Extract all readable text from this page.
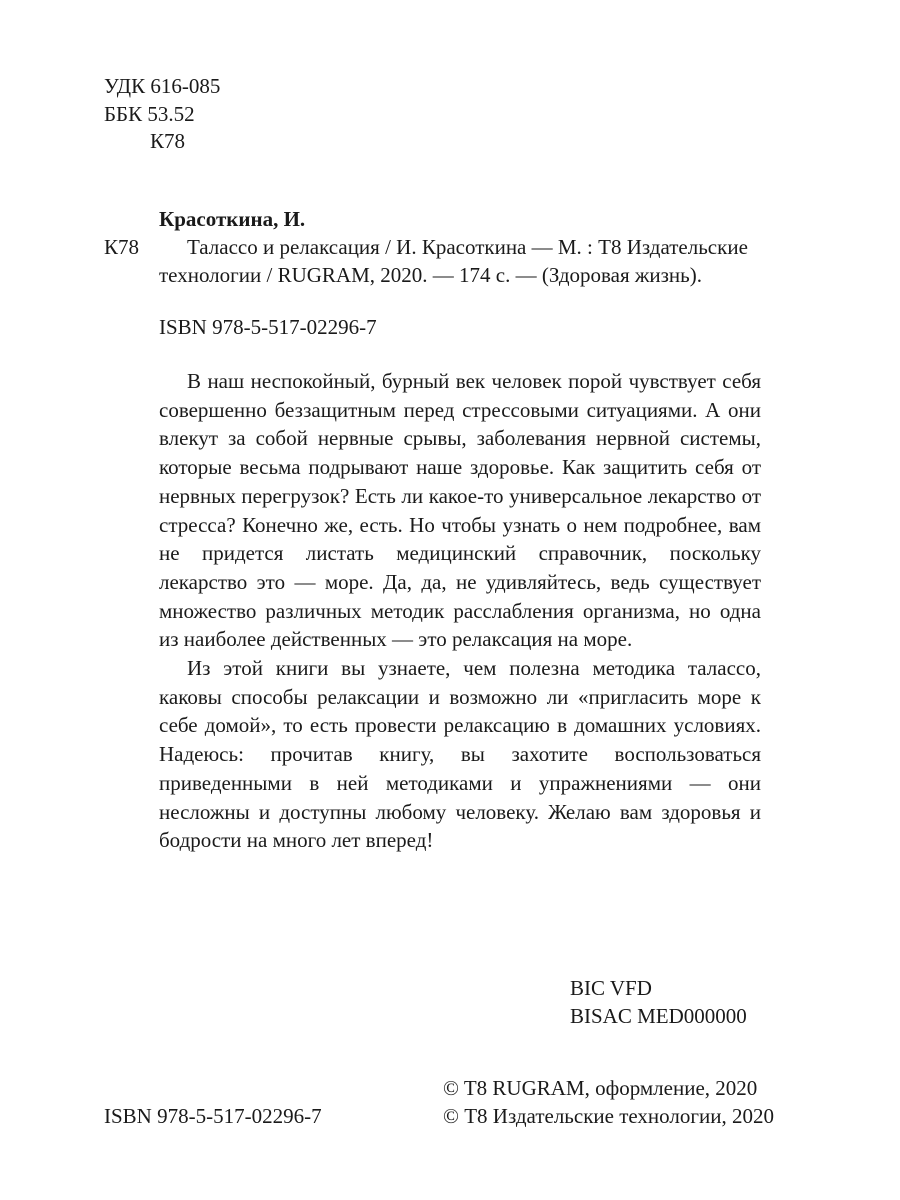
УДК 616-085
ББК 53.52
К78
Красоткина, И.
К78 Талассо и релаксация / И. Красоткина — М. : Т8 Издательские
технологии / RUGRAM, 2020. — 174 с. — (Здоровая жизнь).
ISBN 978-5-517-02296-7

В наш неспокойный, бурный век человек порой чувствует себя совершенно беззащитным перед стрессовыми ситуациями. А они влекут за собой нервные срывы, заболевания нервной системы, которые весьма подрывают наше здоровье. Как защитить себя от нервных перегрузок? Есть ли какое-то универсальное лекарство от стресса? Конечно же, есть. Но чтобы узнать о нем подробнее, вам не придется листать медицинский справочник, поскольку лекарство это — море. Да, да, не удивляйтесь, ведь существует множество различных методик расслабления организма, но одна из наиболее действенных — это релаксация на море.

Из этой книги вы узнаете, чем полезна методика талассо, каковы способы релаксации и возможно ли «пригласить море к себе домой», то есть провести релаксацию в домашних условиях. Надеюсь: прочитав книгу, вы захотите воспользоваться приведенными в ней методиками и упражнениями — они несложны и доступны любому человеку. Желаю вам здоровья и бодрости на много лет вперед!

BIC VFD
BISAC MED000000
ISBN 978-5-517-02296-7
© T8 RUGRAM, оформление, 2020
© Т8 Издательские технологии, 2020
